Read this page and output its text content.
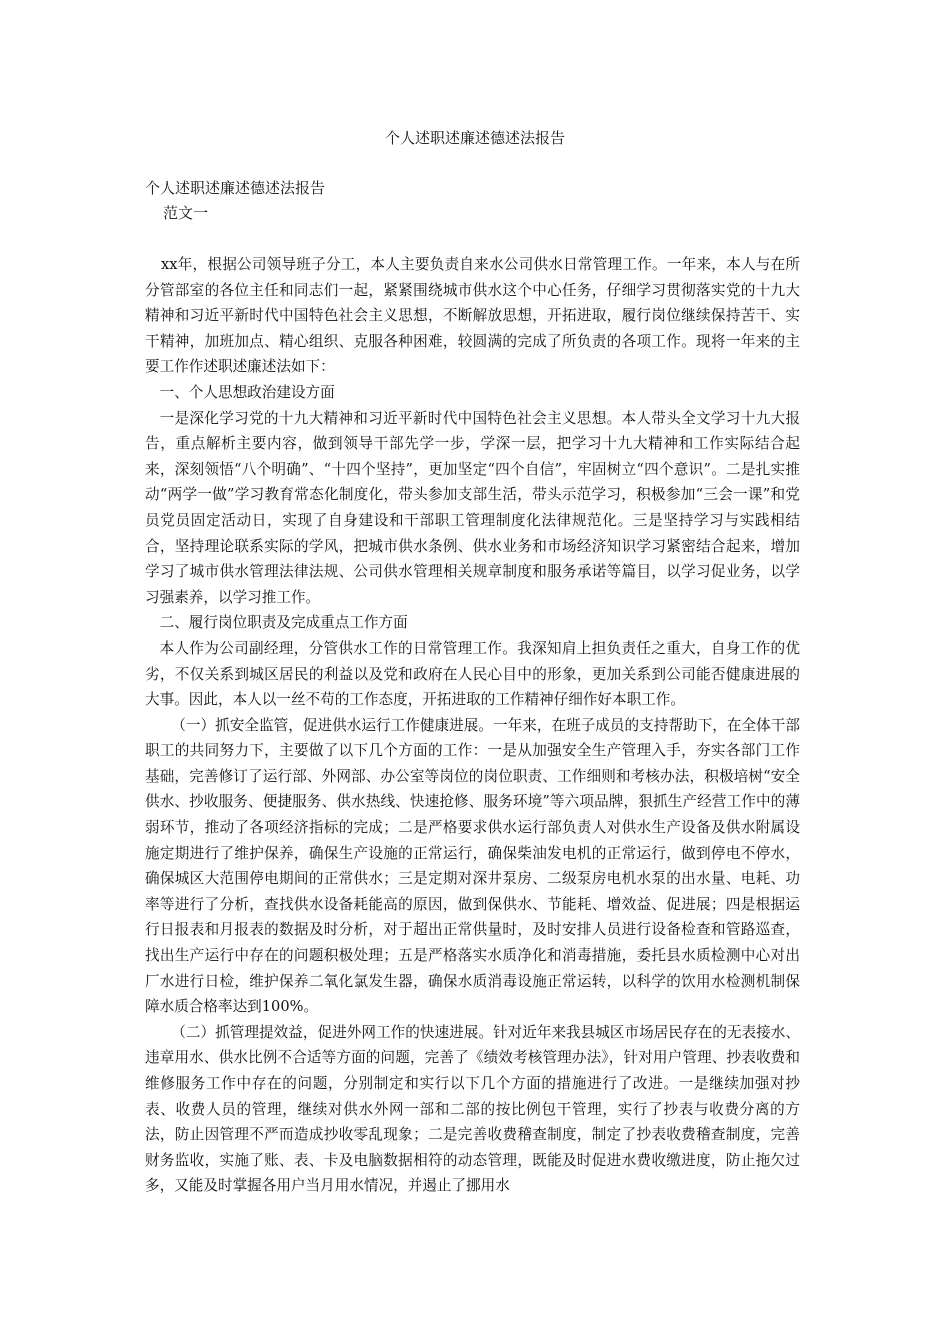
个人述职述廉述德述法报告
个人述职述廉述德述法报告
范文一

xx年，根据公司领导班子分工，本人主要负责自来水公司供水日常管理工作。一年来，本人与在所分管部室的各位主任和同志们一起，紧紧围绕城市供水这个中心任务，仔细学习贯彻落实党的十九大精神和习近平新时代中国特色社会主义思想，不断解放思想，开拓进取，履行岗位继续保持苦干、实干精神，加班加点、精心组织、克服各种困难，较圆满的完成了所负责的各项工作。现将一年来的主要工作作述职述廉述法如下：

一、个人思想政治建设方面

一是深化学习党的十九大精神和习近平新时代中国特色社会主义思想。本人带头全文学习十九大报告，重点解析主要内容，做到领导干部先学一步，学深一层，把学习十九大精神和工作实际结合起来，深刻领悟“八个明确”、“十四个坚持”，更加坚定“四个自信”，牢固树立“四个意识”。二是扎实推动“两学一做”学习教育常态化制度化，带头参加支部生活，带头示范学习，积极参加“三会一课”和党员党员固定活动日，实现了自身建设和干部职工管理制度化法律规范化。三是坚持学习与实践相结合，坚持理论联系实际的学风，把城市供水条例、供水业务和市场经济知识学习紧密结合起来，增加学习了城市供水管理法律法规、公司供水管理相关规章制度和服务承诺等篇目，以学习促业务，以学习强素养，以学习推工作。

二、履行岗位职责及完成重点工作方面

本人作为公司副经理，分管供水工作的日常管理工作。我深知肩上担负责任之重大，自身工作的优劣，不仅关系到城区居民的利益以及党和政府在人民心目中的形象，更加关系到公司能否健康进展的大事。因此，本人以一丝不苟的工作态度，开拓进取的工作精神仔细作好本职工作。

（一）抓安全监管，促进供水运行工作健康进展。一年来，在班子成员的支持帮助下，在全体干部职工的共同努力下，主要做了以下几个方面的工作：一是从加强安全生产管理入手，夯实各部门工作基础，完善修订了运行部、外网部、办公室等岗位的岗位职责、工作细则和考核办法，积极培树“安全供水、抄收服务、便捷服务、供水热线、快速抢修、服务环境”等六项品牌，狠抓生产经营工作中的薄弱环节，推动了各项经济指标的完成；二是严格要求供水运行部负责人对供水生产设备及供水附属设施定期进行了维护保养，确保生产设施的正常运行，确保柴油发电机的正常运行，做到停电不停水，确保城区大范围停电期间的正常供水；三是定期对深井泵房、二级泵房电机水泵的出水量、电耗、功率等进行了分析，查找供水设备耗能高的原因，做到保供水、节能耗、增效益、促进展；四是根据运行日报表和月报表的数据及时分析，对于超出正常供量时，及时安排人员进行设备检查和管路巡查，找出生产运行中存在的问题积极处理；五是严格落实水质净化和消毒措施，委托县水质检测中心对出厂水进行日检，维护保养二氧化氯发生器，确保水质消毒设施正常运转，以科学的饮用水检测机制保障水质合格率达到100%。

（二）抓管理提效益，促进外网工作的快速进展。针对近年来我县城区市场居民存在的无表接水、违章用水、供水比例不合适等方面的问题，完善了《绩效考核管理办法》，针对用户管理、抄表收费和维修服务工作中存在的问题，分别制定和实行以下几个方面的措施进行了改进。一是继续加强对抄表、收费人员的管理，继续对供水外网一部和二部的按比例包干管理，实行了抄表与收费分离的方法，防止因管理不严而造成抄收零乱现象；二是完善收费稽查制度，制定了抄表收费稽查制度，完善财务监收，实施了账、表、卡及电脑数据相符的动态管理，既能及时促进水费收缴进度，防止拖欠过多，又能及时掌握各用户当月用水情况，并遏止了挪用水
